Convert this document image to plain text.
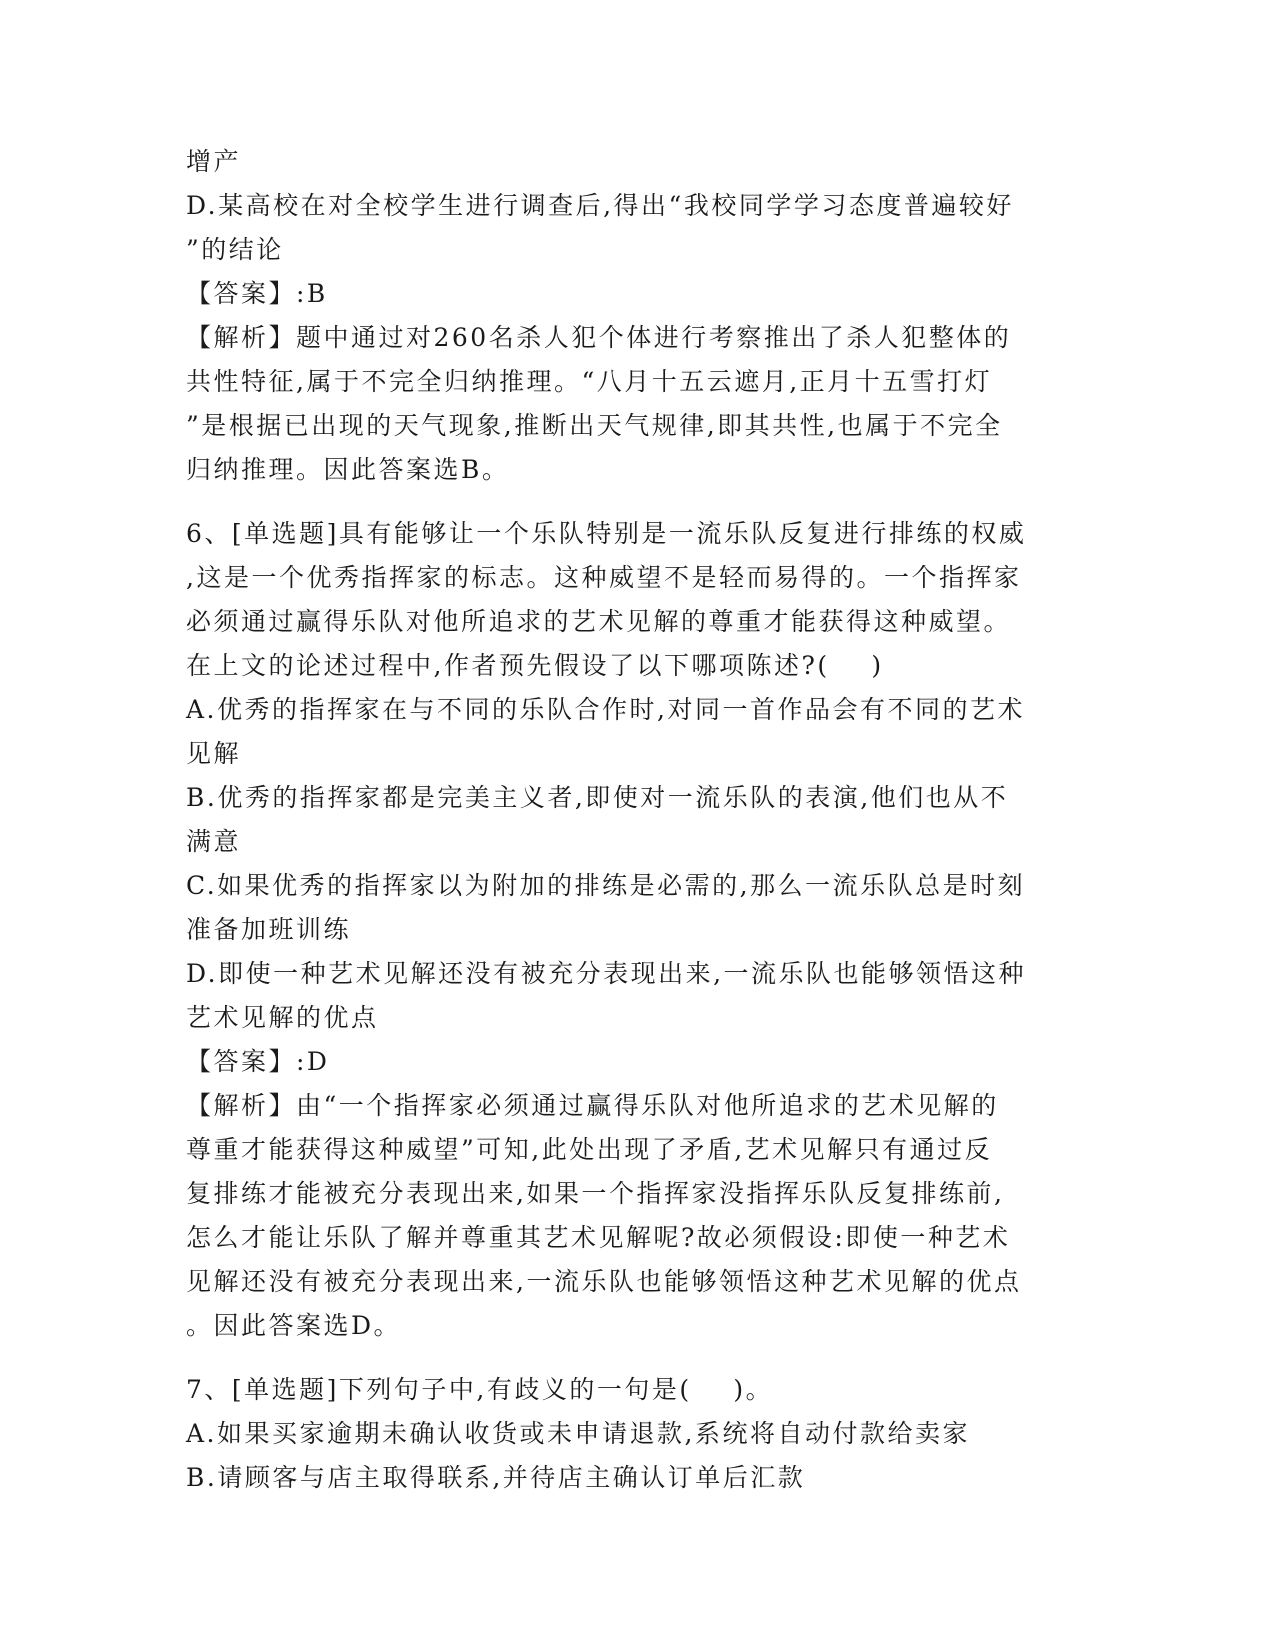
增产
D.某高校在对全校学生进行调查后,得出“我校同学学习态度普遍较好
”的结论
【答案】:B
【解析】题中通过对260名杀人犯个体进行考察推出了杀人犯整体的
共性特征,属于不完全归纳推理。“八月十五云遮月,正月十五雪打灯
”是根据已出现的天气现象,推断出天气规律,即其共性,也属于不完全
归纳推理。因此答案选B。
6、[单选题]具有能够让一个乐队特别是一流乐队反复进行排练的权威
,这是一个优秀指挥家的标志。这种威望不是轻而易得的。一个指挥家
必须通过赢得乐队对他所追求的艺术见解的尊重才能获得这种威望。
在上文的论述过程中,作者预先假设了以下哪项陈述?(    )
A.优秀的指挥家在与不同的乐队合作时,对同一首作品会有不同的艺术
见解
B.优秀的指挥家都是完美主义者,即使对一流乐队的表演,他们也从不
满意
C.如果优秀的指挥家以为附加的排练是必需的,那么一流乐队总是时刻
准备加班训练
D.即使一种艺术见解还没有被充分表现出来,一流乐队也能够领悟这种
艺术见解的优点
【答案】:D
【解析】由“一个指挥家必须通过赢得乐队对他所追求的艺术见解的
尊重才能获得这种威望”可知,此处出现了矛盾,艺术见解只有通过反
复排练才能被充分表现出来,如果一个指挥家没指挥乐队反复排练前,
怎么才能让乐队了解并尊重其艺术见解呢?故必须假设:即使一种艺术
见解还没有被充分表现出来,一流乐队也能够领悟这种艺术见解的优点
。因此答案选D。
7、[单选题]下列句子中,有歧义的一句是(    )。
A.如果买家逾期未确认收货或未申请退款,系统将自动付款给卖家
B.请顾客与店主取得联系,并待店主确认订单后汇款
